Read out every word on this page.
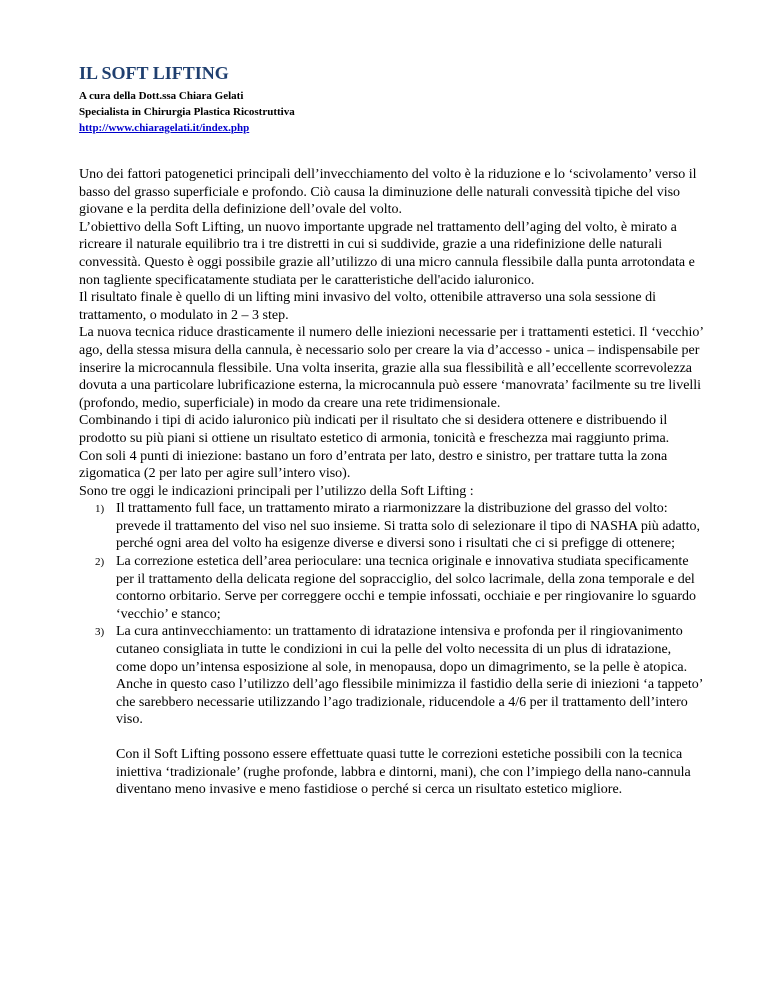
IL SOFT LIFTING

A cura della Dott.ssa Chiara Gelati

Specialista in Chirurgia Plastica Ricostruttiva

http://www.chiaragelati.it/index.php

Uno dei fattori patogenetici principali dell’invecchiamento del volto è la riduzione e lo ‘scivolamento’ verso il basso del grasso superficiale e profondo. Ciò causa la diminuzione delle naturali convessità tipiche del viso giovane e la perdita della definizione dell’ovale del volto.

L’obiettivo della Soft Lifting, un nuovo importante upgrade nel trattamento dell’aging del volto, è mirato a ricreare il naturale equilibrio tra i tre distretti in cui si suddivide, grazie a una ridefinizione delle naturali convessità. Questo è oggi possibile grazie all’utilizzo di una micro cannula flessibile dalla punta arrotondata e non tagliente specificatamente studiata per le caratteristiche dell'acido ialuronico.

Il risultato finale è quello di un lifting mini invasivo del volto, ottenibile attraverso una sola sessione di trattamento, o modulato in 2 – 3 step.

La nuova tecnica riduce drasticamente il numero delle iniezioni necessarie per i trattamenti estetici. Il ‘vecchio’ ago, della stessa misura della cannula, è necessario solo per creare la via d’accesso - unica – indispensabile per inserire la microcannula flessibile. Una volta inserita, grazie alla sua flessibilità e all’eccellente scorrevolezza dovuta a una particolare lubrificazione esterna, la microcannula può essere ‘manovrata’ facilmente su tre livelli (profondo, medio, superficiale) in modo da creare una rete tridimensionale.

Combinando i tipi di acido ialuronico più indicati per il risultato che si desidera ottenere e distribuendo il prodotto su più piani si ottiene un risultato estetico di armonia, tonicità e freschezza mai raggiunto prima.

Con soli 4 punti di iniezione: bastano un foro d’entrata per lato, destro e sinistro, per trattare tutta la zona zigomatica (2 per lato per agire sull’intero viso).

Sono tre oggi le indicazioni principali per l’utilizzo della Soft Lifting :

1) Il trattamento full face, un trattamento mirato a riarmonizzare la distribuzione del grasso del volto: prevede il trattamento del viso nel suo insieme. Si tratta solo di selezionare il tipo di NASHA più adatto, perché ogni area del volto ha esigenze diverse e diversi sono i risultati che ci si prefigge di ottenere;
2) La correzione estetica dell’area perioculare: una tecnica originale e innovativa studiata specificamente per il trattamento della delicata regione del sopracciglio, del solco lacrimale, della zona temporale e del contorno orbitario. Serve per correggere occhi e tempie infossati, occhiaie e per ringiovanire lo sguardo ‘vecchio’ e stanco;
3) La cura antinvecchiamento: un trattamento di idratazione intensiva e profonda per il ringiovanimento cutaneo consigliata in tutte le condizioni in cui la pelle del volto necessita di un plus di idratazione, come dopo un’intensa esposizione al sole, in menopausa, dopo un dimagrimento, se la pelle è atopica. Anche in questo caso l’utilizzo dell’ago flessibile minimizza il fastidio della serie di iniezioni ‘a tappeto’ che sarebbero necessarie utilizzando l’ago tradizionale, riducendole a 4/6 per il trattamento dell’intero viso.

Con il Soft Lifting possono essere effettuate quasi tutte le correzioni estetiche possibili con la tecnica iniettiva ‘tradizionale’ (rughe profonde, labbra e dintorni, mani), che con l’impiego della nano-cannula diventano meno invasive e meno fastidiose o perché si cerca un risultato estetico migliore.
